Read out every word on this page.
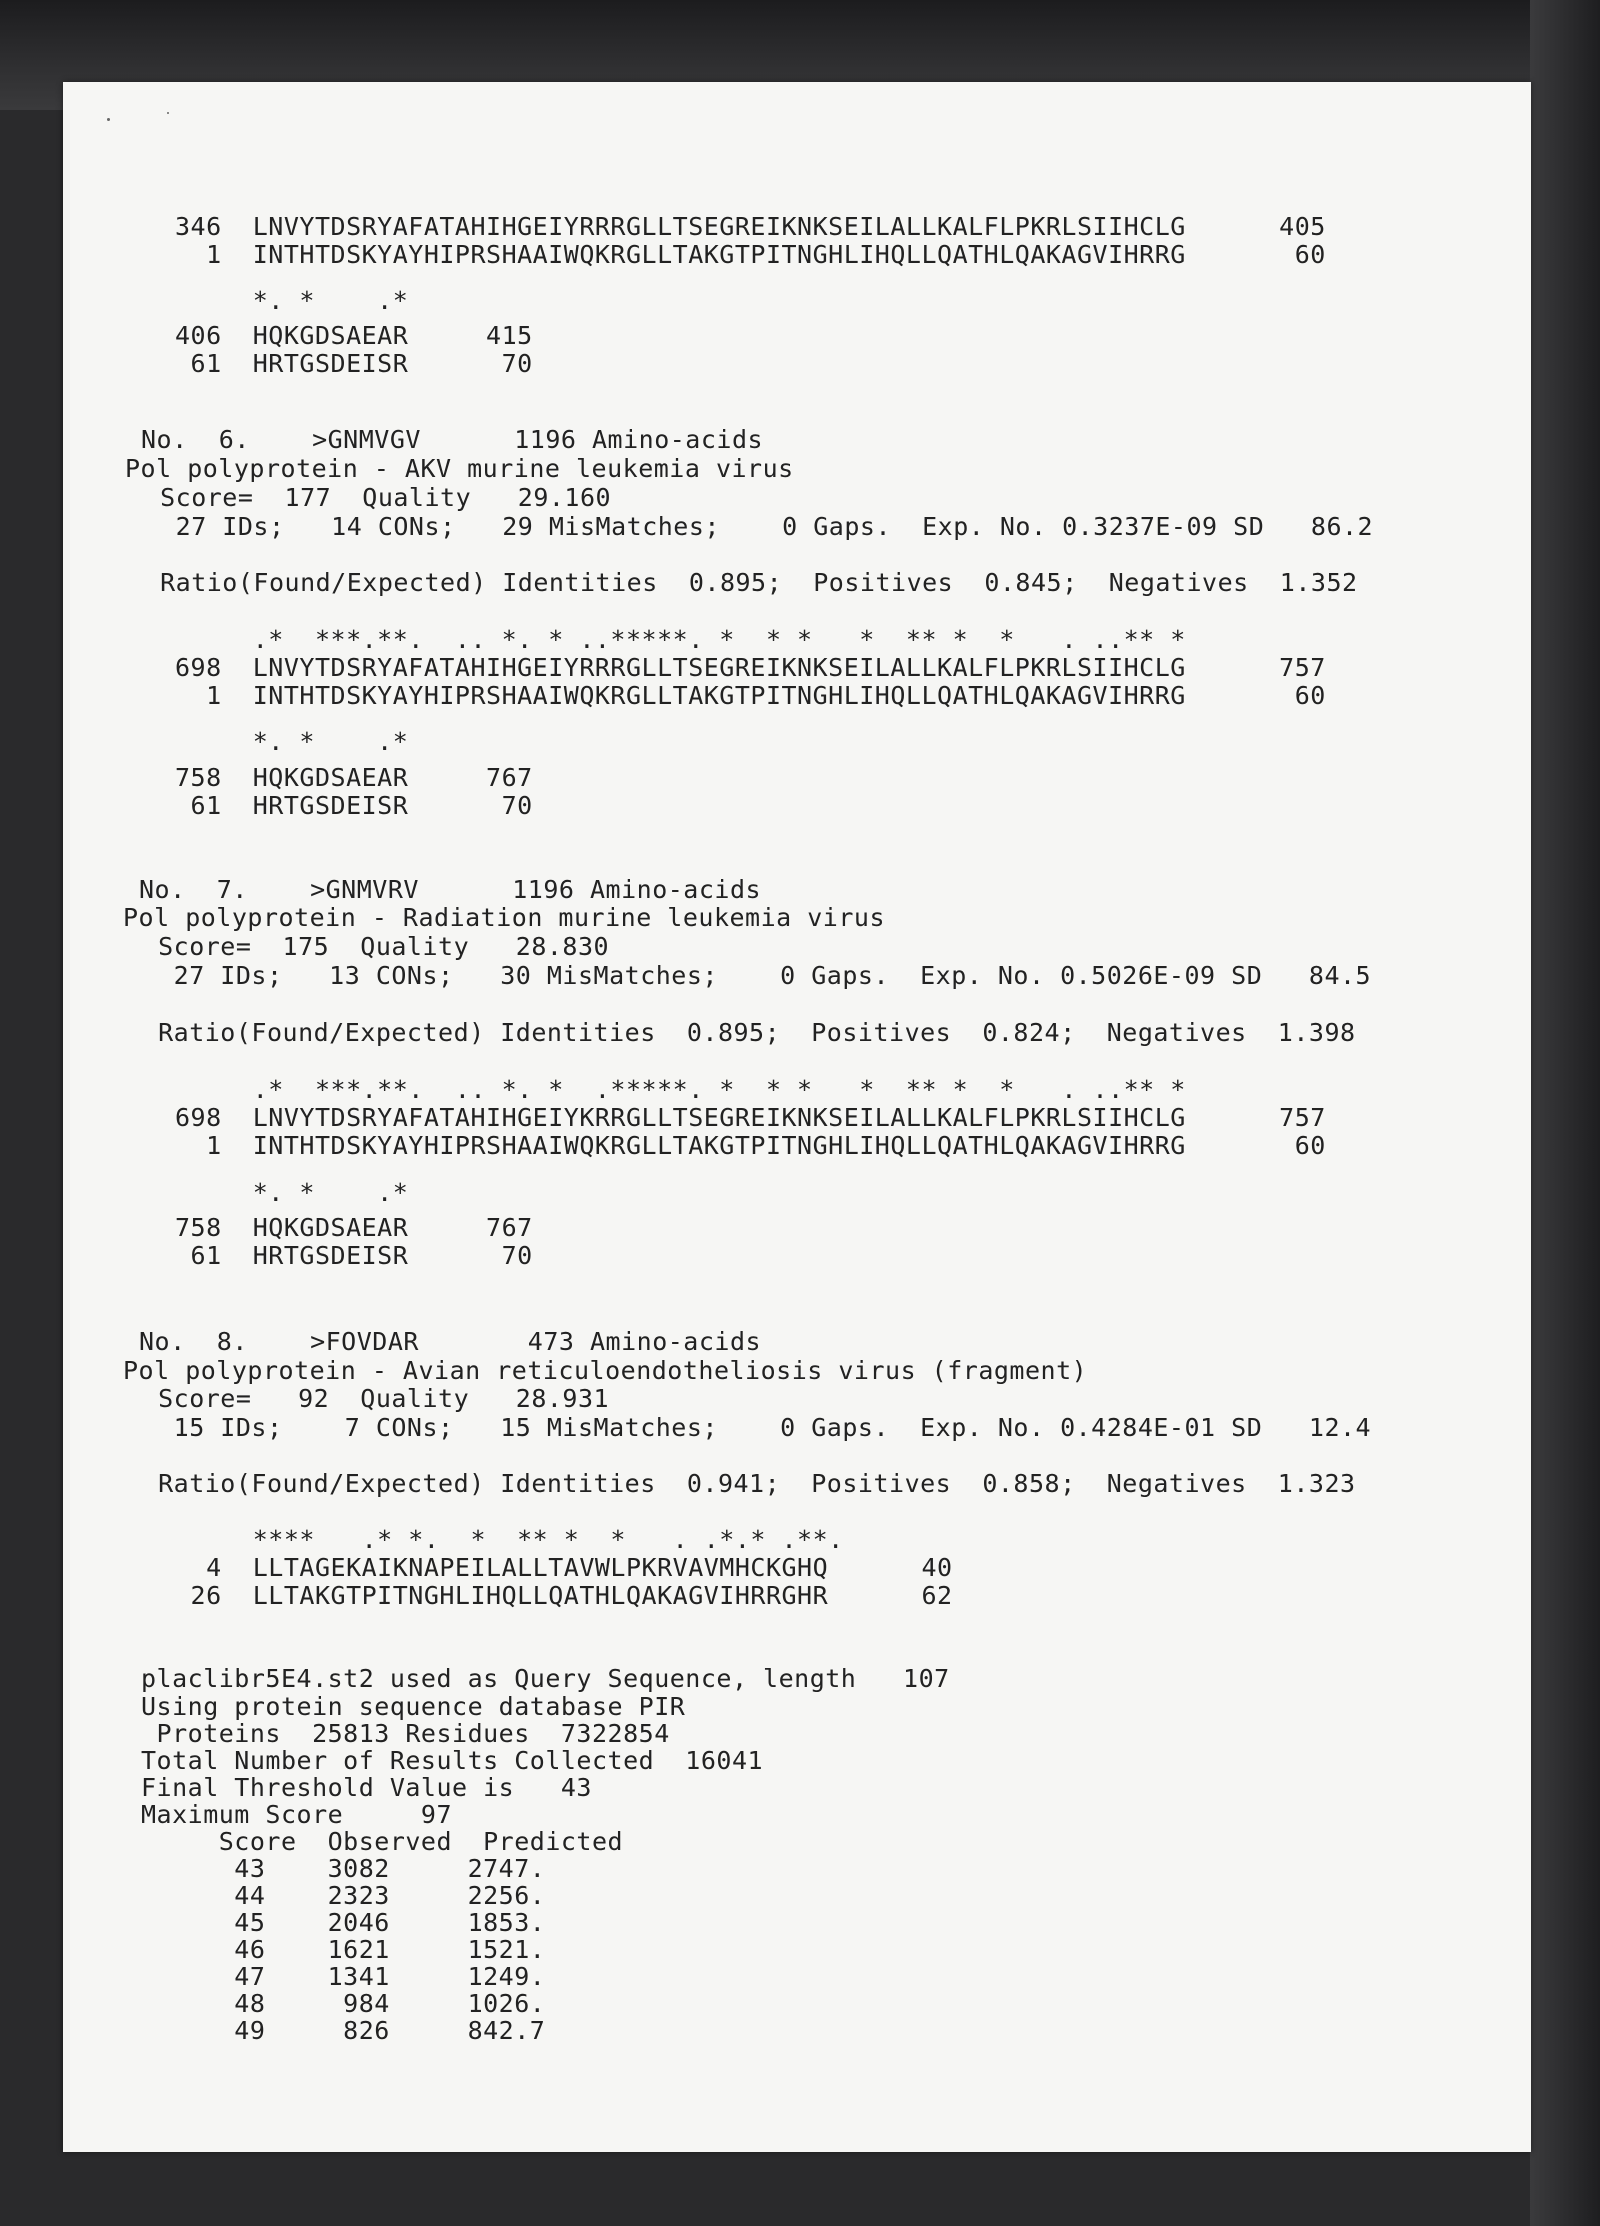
346  LNVYTDSRYAFATAHIHGEIYRRRGLLTSEGREIKNKSEILALLKALFLPKRLSIIHCLG      405
1  INTHTDSKYAYHIPRSHAAIWQKRGLLTAKGTPITNGHLIHQLLQATHLQAKAGVIHRRG       60
*. *    .*
406  HQKGDSAEAR     415
61  HRTGSDEISR      70
No.  6.    >GNMVGV      1196 Amino-acids
Pol polyprotein - AKV murine leukemia virus
Score=  177  Quality   29.160
27 IDs;   14 CONs;   29 MisMatches;    0 Gaps.  Exp. No. 0.3237E-09 SD   86.2
Ratio(Found/Expected) Identities  0.895;  Positives  0.845;  Negatives  1.352
.*  ***.**.  .. *. * ..*****. *  * *   *  ** *  *   . ..** *
698  LNVYTDSRYAFATAHIHGEIYRRRGLLTSEGREIKNKSEILALLKALFLPKRLSIIHCLG      757
1  INTHTDSKYAYHIPRSHAAIWQKRGLLTAKGTPITNGHLIHQLLQATHLQAKAGVIHRRG       60
*. *    .*
758  HQKGDSAEAR     767
61  HRTGSDEISR      70
No.  7.    >GNMVRV      1196 Amino-acids
Pol polyprotein - Radiation murine leukemia virus
Score=  175  Quality   28.830
27 IDs;   13 CONs;   30 MisMatches;    0 Gaps.  Exp. No. 0.5026E-09 SD   84.5
Ratio(Found/Expected) Identities  0.895;  Positives  0.824;  Negatives  1.398
.*  ***.**.  .. *. *  .*****. *  * *   *  ** *  *   . ..** *
698  LNVYTDSRYAFATAHIHGEIYKRRGLLTSEGREIKNKSEILALLKALFLPKRLSIIHCLG      757
1  INTHTDSKYAYHIPRSHAAIWQKRGLLTAKGTPITNGHLIHQLLQATHLQAKAGVIHRRG       60
*. *    .*
758  HQKGDSAEAR     767
61  HRTGSDEISR      70
No.  8.    >FOVDAR       473 Amino-acids
Pol polyprotein - Avian reticuloendotheliosis virus (fragment)
Score=   92  Quality   28.931
15 IDs;    7 CONs;   15 MisMatches;    0 Gaps.  Exp. No. 0.4284E-01 SD   12.4
Ratio(Found/Expected) Identities  0.941;  Positives  0.858;  Negatives  1.323
****   .* *.  *  ** *  *   . .*.* .**.
4  LLTAGEKAIKNAPEILALLTAVWLPKRVAVMHCKGHQ      40
26  LLTAKGTPITNGHLIHQLLQATHLQAKAGVIHRRGHR      62
placlibr5E4.st2 used as Query Sequence, length   107
Using protein sequence database PIR
Proteins  25813 Residues  7322854
Total Number of Results Collected  16041
Final Threshold Value is   43
Maximum Score     97
Score  Observed  Predicted
43    3082     2747.
44    2323     2256.
45    2046     1853.
46    1621     1521.
47    1341     1249.
48     984     1026.
49     826     842.7
